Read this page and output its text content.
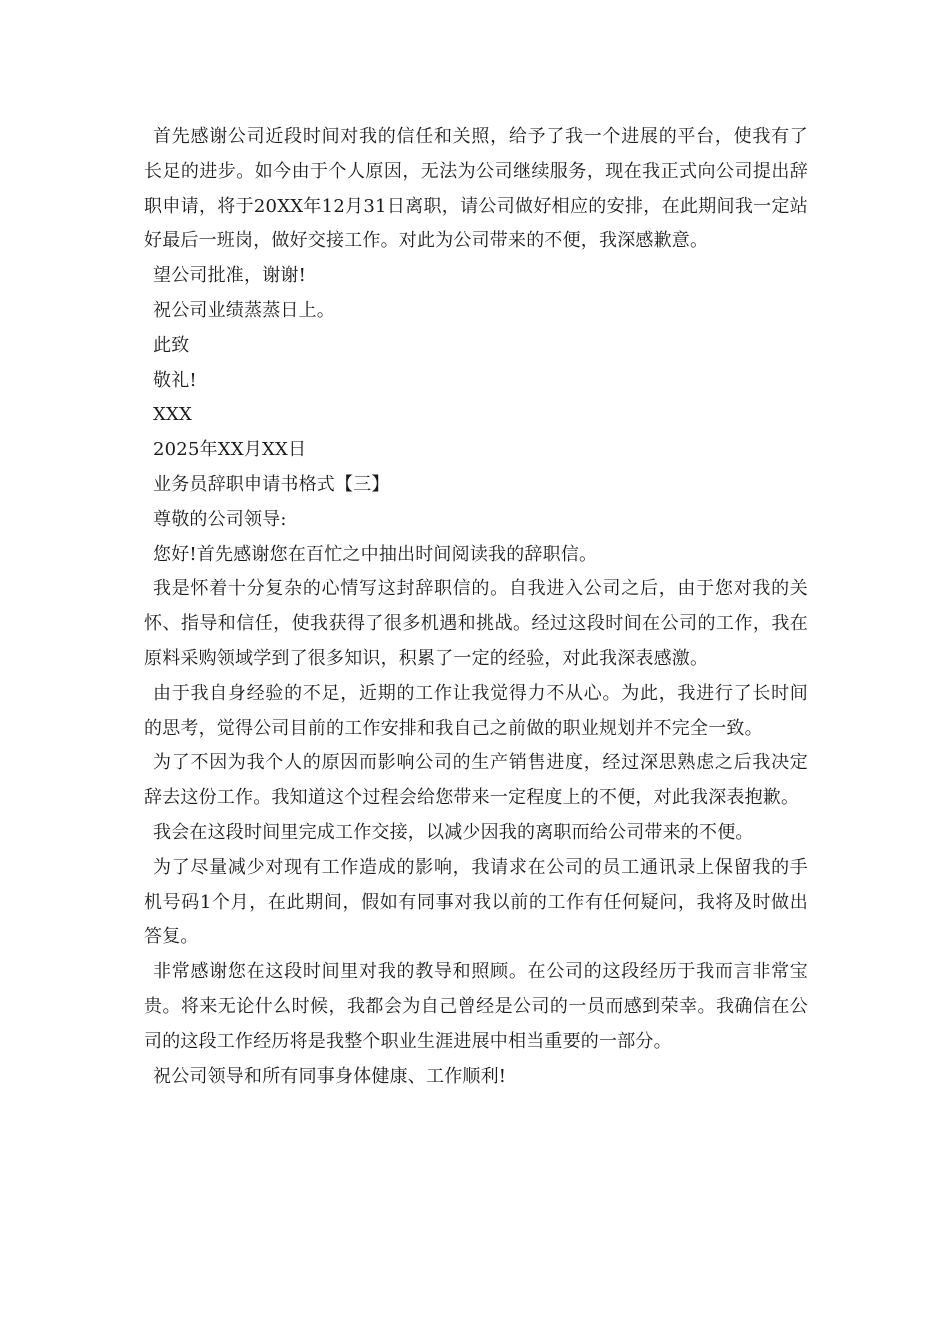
首先感谢公司近段时间对我的信任和关照，给予了我一个进展的平台，使我有了长足的进步。如今由于个人原因，无法为公司继续服务，现在我正式向公司提出辞职申请，将于20XX年12月31日离职，请公司做好相应的安排，在此期间我一定站好最后一班岗，做好交接工作。对此为公司带来的不便，我深感歉意。

望公司批准，谢谢!

祝公司业绩蒸蒸日上。

此致

敬礼!

XXX

2025年XX月XX日

业务员辞职申请书格式【三】

尊敬的公司领导:

您好!首先感谢您在百忙之中抽出时间阅读我的辞职信。

我是怀着十分复杂的心情写这封辞职信的。自我进入公司之后，由于您对我的关怀、指导和信任，使我获得了很多机遇和挑战。经过这段时间在公司的工作，我在原料采购领域学到了很多知识，积累了一定的经验，对此我深表感激。

由于我自身经验的不足，近期的工作让我觉得力不从心。为此，我进行了长时间的思考，觉得公司目前的工作安排和我自己之前做的职业规划并不完全一致。

为了不因为我个人的原因而影响公司的生产销售进度，经过深思熟虑之后我决定辞去这份工作。我知道这个过程会给您带来一定程度上的不便，对此我深表抱歉。

我会在这段时间里完成工作交接，以减少因我的离职而给公司带来的不便。

为了尽量减少对现有工作造成的影响，我请求在公司的员工通讯录上保留我的手机号码1个月，在此期间，假如有同事对我以前的工作有任何疑问，我将及时做出答复。

非常感谢您在这段时间里对我的教导和照顾。在公司的这段经历于我而言非常宝贵。将来无论什么时候，我都会为自己曾经是公司的一员而感到荣幸。我确信在公司的这段工作经历将是我整个职业生涯进展中相当重要的一部分。

祝公司领导和所有同事身体健康、工作顺利!
